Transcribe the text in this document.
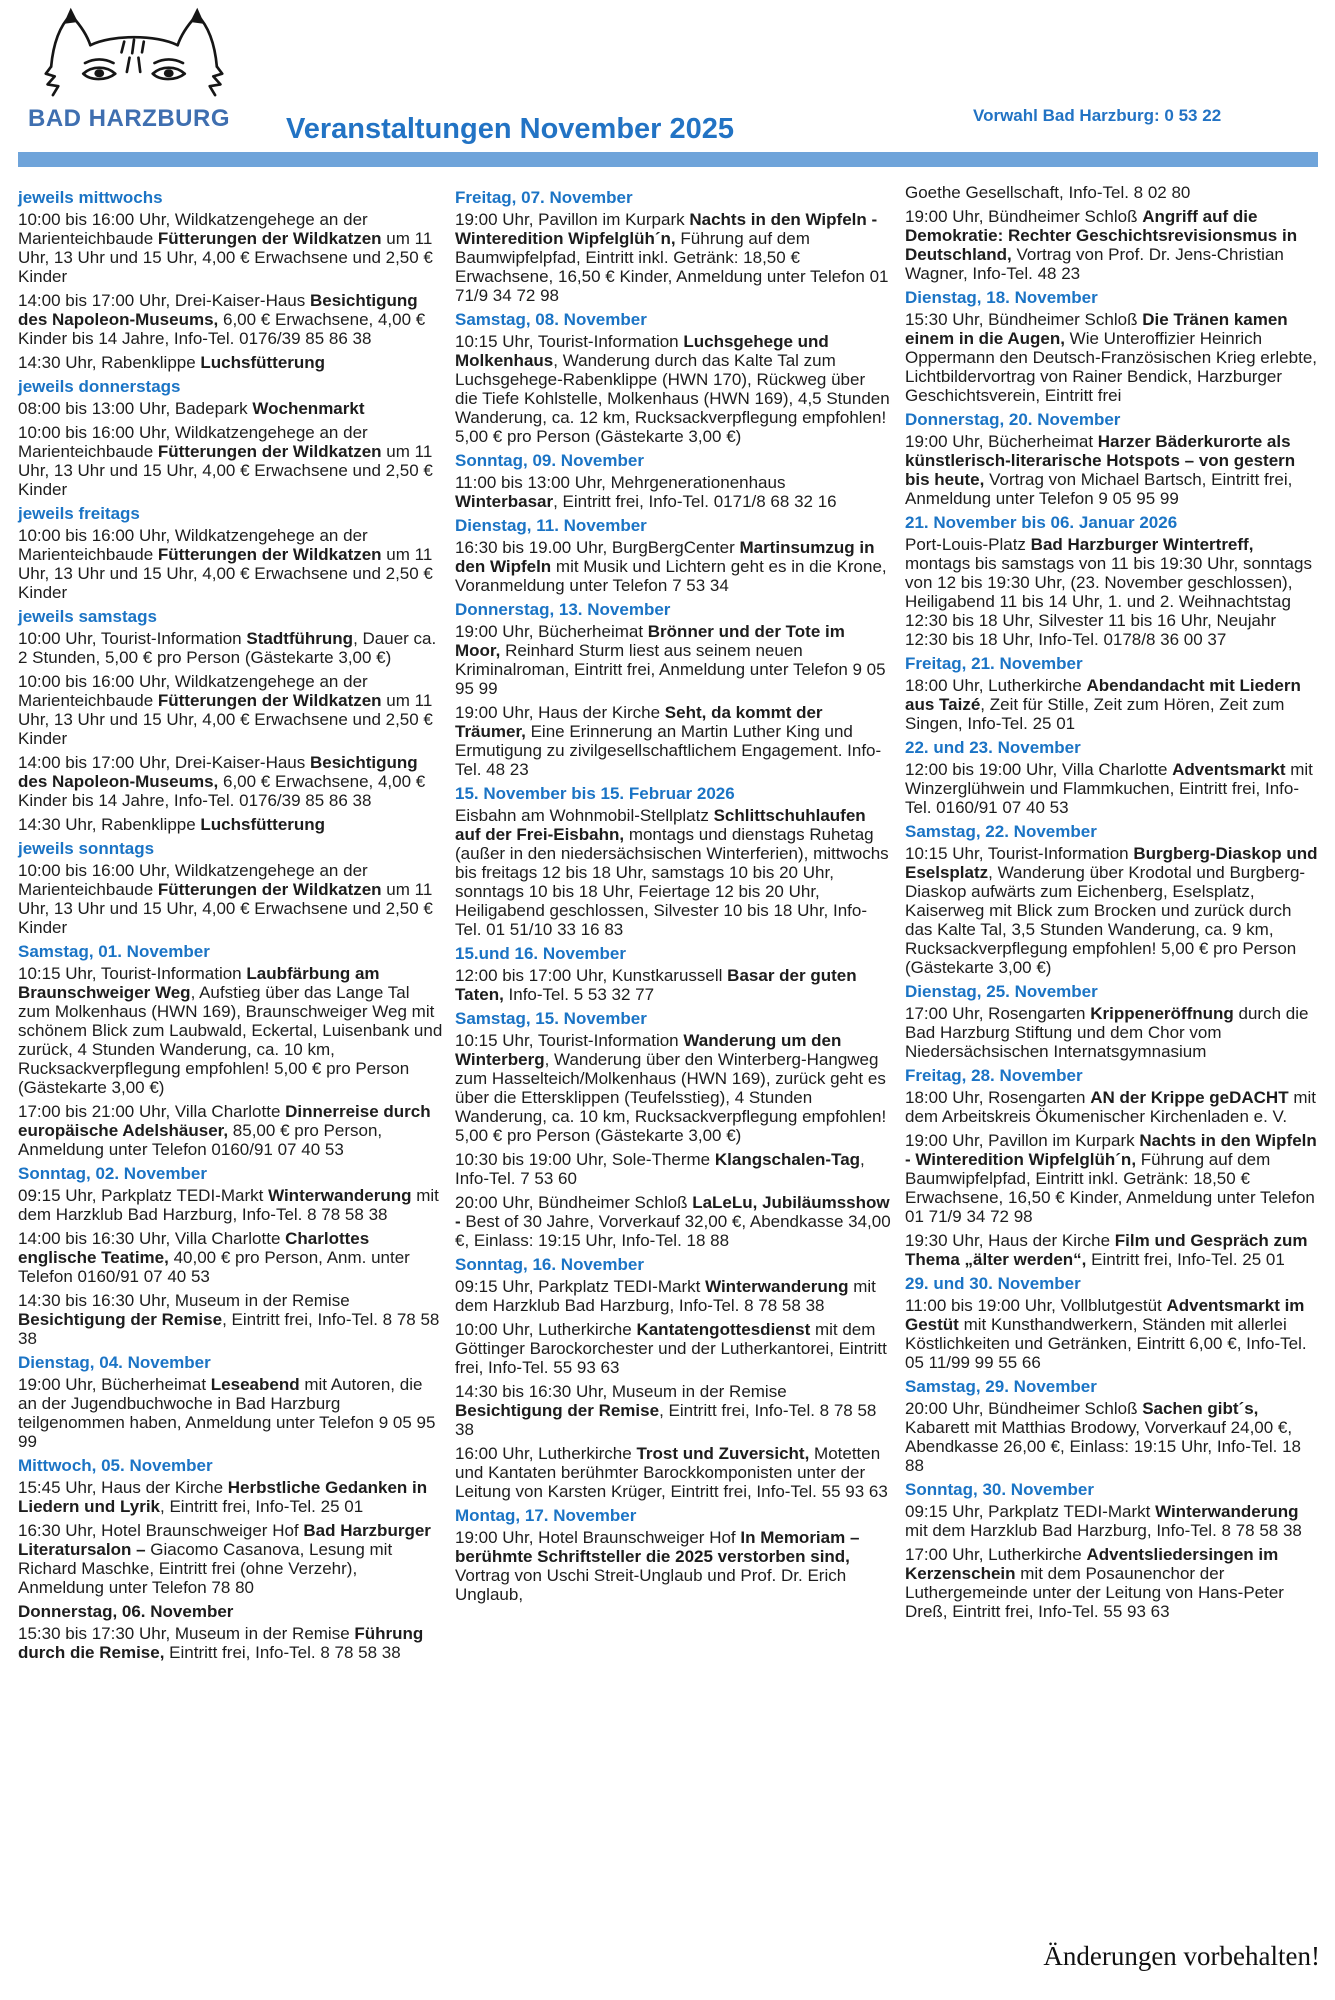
BAD HARZBURG	Veranstaltungen November 2025	Vorwahl Bad Harzburg: 0 53 22
jeweils mittwochs
10:00 bis 16:00 Uhr, Wildkatzengehege an der Marienteichbaude Fütterungen der Wildkatzen um 11 Uhr, 13 Uhr und 15 Uhr, 4,00 € Erwachsene und 2,50 € Kinder
14:00 bis 17:00 Uhr, Drei-Kaiser-Haus Besichtigung des Napoleon-Museums, 6,00 € Erwachsene, 4,00 € Kinder bis 14 Jahre, Info-Tel. 0176/39 85 86 38
14:30 Uhr, Rabenklippe Luchsfütterung
jeweils donnerstags
08:00 bis 13:00 Uhr, Badepark Wochenmarkt
10:00 bis 16:00 Uhr, Wildkatzengehege an der Marienteichbaude Fütterungen der Wildkatzen um 11 Uhr, 13 Uhr und 15 Uhr, 4,00 € Erwachsene und 2,50 € Kinder
jeweils freitags
10:00 bis 16:00 Uhr, Wildkatzengehege an der Marienteichbaude Fütterungen der Wildkatzen um 11 Uhr, 13 Uhr und 15 Uhr, 4,00 € Erwachsene und 2,50 € Kinder
jeweils samstags
10:00 Uhr, Tourist-Information Stadtführung, Dauer ca. 2 Stunden, 5,00 € pro Person (Gästekarte 3,00 €)
10:00 bis 16:00 Uhr, Wildkatzengehege an der Marienteichbaude Fütterungen der Wildkatzen um 11 Uhr, 13 Uhr und 15 Uhr, 4,00 € Erwachsene und 2,50 € Kinder
14:00 bis 17:00 Uhr, Drei-Kaiser-Haus Besichtigung des Napoleon-Museums, 6,00 € Erwachsene, 4,00 € Kinder bis 14 Jahre, Info-Tel. 0176/39 85 86 38
14:30 Uhr, Rabenklippe Luchsfütterung
jeweils sonntags
10:00 bis 16:00 Uhr, Wildkatzengehege an der Marienteichbaude Fütterungen der Wildkatzen um 11 Uhr, 13 Uhr und 15 Uhr, 4,00 € Erwachsene und 2,50 € Kinder
Samstag, 01. November
10:15 Uhr, Tourist-Information Laubfärbung am Braunschweiger Weg, Aufstieg über das Lange Tal zum Molkenhaus (HWN 169), Braunschweiger Weg mit schönem Blick zum Laubwald, Eckertal, Luisenbank und zurück, 4 Stunden Wanderung, ca. 10 km, Rucksackverpflegung empfohlen! 5,00 € pro Person (Gästekarte 3,00 €)
17:00 bis 21:00 Uhr, Villa Charlotte Dinnerreise durch europäische Adelshäuser, 85,00 € pro Person, Anmeldung unter Telefon 0160/91 07 40 53
Sonntag, 02. November
09:15 Uhr, Parkplatz TEDI-Markt Winterwanderung mit dem Harzklub Bad Harzburg, Info-Tel. 8 78 58 38
14:00 bis 16:30 Uhr, Villa Charlotte Charlottes englische Teatime, 40,00 € pro Person, Anm. unter Telefon 0160/91 07 40 53
14:30 bis 16:30 Uhr, Museum in der Remise Besichtigung der Remise, Eintritt frei, Info-Tel. 8 78 58 38
Dienstag, 04. November
19:00 Uhr, Bücherheimat Leseabend mit Autoren, die an der Jugendbuchwoche in Bad Harzburg teilgenommen haben, Anmeldung unter Telefon 9 05 95 99
Mittwoch, 05. November
15:45 Uhr, Haus der Kirche Herbstliche Gedanken in Liedern und Lyrik, Eintritt frei, Info-Tel. 25 01
16:30 Uhr, Hotel Braunschweiger Hof Bad Harzburger Literatursalon – Giacomo Casanova, Lesung mit Richard Maschke, Eintritt frei (ohne Verzehr), Anmeldung unter Telefon 78 80
Donnerstag, 06. November
15:30 bis 17:30 Uhr, Museum in der Remise Führung durch die Remise, Eintritt frei, Info-Tel. 8 78 58 38
Freitag, 07. November
19:00 Uhr, Pavillon im Kurpark Nachts in den Wipfeln - Winteredition Wipfelglüh´n, Führung auf dem Baumwipfelpfad, Eintritt inkl. Getränk: 18,50 € Erwachsene, 16,50 € Kinder, Anmeldung unter Telefon 01 71/9 34 72 98
Samstag, 08. November
10:15 Uhr, Tourist-Information Luchsgehege und Molkenhaus, Wanderung durch das Kalte Tal zum Luchsgehege-Rabenklippe (HWN 170), Rückweg über die Tiefe Kohlstelle, Molkenhaus (HWN 169), 4,5 Stunden Wanderung, ca. 12 km, Rucksackverpflegung empfohlen! 5,00 € pro Person (Gästekarte 3,00 €)
Sonntag, 09. November
11:00 bis 13:00 Uhr, Mehrgenerationenhaus Winterbasar, Eintritt frei, Info-Tel. 0171/8 68 32 16
Dienstag, 11. November
16:30 bis 19.00 Uhr, BurgBergCenter Martinsumzug in den Wipfeln mit Musik und Lichtern geht es in die Krone, Voranmeldung unter Telefon 7 53 34
Donnerstag, 13. November
19:00 Uhr, Bücherheimat Brönner und der Tote im Moor, Reinhard Sturm liest aus seinem neuen Kriminalroman, Eintritt frei, Anmeldung unter Telefon 9 05 95 99
19:00 Uhr, Haus der Kirche Seht, da kommt der Träumer, Eine Erinnerung an Martin Luther King und Ermutigung zu zivilgesellschaftlichem Engagement. Info-Tel. 48 23
15. November bis 15. Februar 2026
Eisbahn am Wohnmobil-Stellplatz Schlittschuhlaufen auf der Frei-Eisbahn, montags und dienstags Ruhetag (außer in den niedersächsischen Winterferien), mittwochs bis freitags 12 bis 18 Uhr, samstags 10 bis 20 Uhr, sonntags 10 bis 18 Uhr, Feiertage 12 bis 20 Uhr, Heiligabend geschlossen, Silvester 10 bis 18 Uhr, Info-Tel. 01 51/10 33 16 83
15.und 16. November
12:00 bis 17:00 Uhr, Kunstkarussell Basar der guten Taten, Info-Tel. 5 53 32 77
Samstag, 15. November
10:15 Uhr, Tourist-Information Wanderung um den Winterberg, Wanderung über den Winterberg-Hangweg zum Hasselteich/Molkenhaus (HWN 169), zurück geht es über die Ettersklippen (Teufelsstieg), 4 Stunden Wanderung, ca. 10 km, Rucksackverpflegung empfohlen! 5,00 € pro Person (Gästekarte 3,00 €)
10:30 bis 19:00 Uhr, Sole-Therme Klangschalen-Tag, Info-Tel. 7 53 60
20:00 Uhr, Bündheimer Schloß LaLeLu, Jubiläumsshow - Best of 30 Jahre, Vorverkauf 32,00 €, Abendkasse 34,00 €, Einlass: 19:15 Uhr, Info-Tel. 18 88
Sonntag, 16. November
09:15 Uhr, Parkplatz TEDI-Markt Winterwanderung mit dem Harzklub Bad Harzburg, Info-Tel. 8 78 58 38
10:00 Uhr, Lutherkirche Kantatengottesdienst mit dem Göttinger Barockorchester und der Lutherkantorei, Eintritt frei, Info-Tel. 55 93 63
14:30 bis 16:30 Uhr, Museum in der Remise Besichtigung der Remise, Eintritt frei, Info-Tel. 8 78 58 38
16:00 Uhr, Lutherkirche Trost und Zuversicht, Motetten und Kantaten berühmter Barockkomponisten unter der Leitung von Karsten Krüger, Eintritt frei, Info-Tel. 55 93 63
Montag, 17. November
19:00 Uhr, Hotel Braunschweiger Hof In Memoriam – berühmte Schriftsteller die 2025 verstorben sind, Vortrag von Uschi Streit-Unglaub und Prof. Dr. Erich Unglaub,
Goethe Gesellschaft, Info-Tel. 8 02 80
19:00 Uhr, Bündheimer Schloß Angriff auf die Demokratie: Rechter Geschichtsrevisionsmus in Deutschland, Vortrag von Prof. Dr. Jens-Christian Wagner, Info-Tel. 48 23
Dienstag, 18. November
15:30 Uhr, Bündheimer Schloß Die Tränen kamen einem in die Augen, Wie Unteroffizier Heinrich Oppermann den Deutsch-Französischen Krieg erlebte, Lichtbildervortrag von Rainer Bendick, Harzburger Geschichtsverein, Eintritt frei
Donnerstag, 20. November
19:00 Uhr, Bücherheimat Harzer Bäderkurorte als künstlerisch-literarische Hotspots – von gestern bis heute, Vortrag von Michael Bartsch, Eintritt frei, Anmeldung unter Telefon 9 05 95 99
21. November bis 06. Januar 2026
Port-Louis-Platz Bad Harzburger Wintertreff, montags bis samstags von 11 bis 19:30 Uhr, sonntags von 12 bis 19:30 Uhr, (23. November geschlossen), Heiligabend 11 bis 14 Uhr, 1. und 2. Weihnachtstag 12:30 bis 18 Uhr, Silvester 11 bis 16 Uhr, Neujahr 12:30 bis 18 Uhr, Info-Tel. 0178/8 36 00 37
Freitag, 21. November
18:00 Uhr, Lutherkirche Abendandacht mit Liedern aus Taizé, Zeit für Stille, Zeit zum Hören, Zeit zum Singen, Info-Tel. 25 01
22. und 23. November
12:00 bis 19:00 Uhr, Villa Charlotte Adventsmarkt mit Winzerglühwein und Flammkuchen, Eintritt frei, Info-Tel. 0160/91 07 40 53
Samstag, 22. November
10:15 Uhr, Tourist-Information Burgberg-Diaskop und Eselsplatz, Wanderung über Krodotal und Burgberg-Diaskop aufwärts zum Eichenberg, Eselsplatz, Kaiserweg mit Blick zum Brocken und zurück durch das Kalte Tal, 3,5 Stunden Wanderung, ca. 9 km, Rucksackverpflegung empfohlen! 5,00 € pro Person (Gästekarte 3,00 €)
Dienstag, 25. November
17:00 Uhr, Rosengarten Krippeneröffnung durch die Bad Harzburg Stiftung und dem Chor vom Niedersächsischen Internatsgymnasium
Freitag, 28. November
18:00 Uhr, Rosengarten AN der Krippe geDACHT mit dem Arbeitskreis Ökumenischer Kirchenladen e. V.
19:00 Uhr, Pavillon im Kurpark Nachts in den Wipfeln - Winteredition Wipfelglüh´n, Führung auf dem Baumwipfelpfad, Eintritt inkl. Getränk: 18,50 € Erwachsene, 16,50 € Kinder, Anmeldung unter Telefon 01 71/9 34 72 98
19:30 Uhr, Haus der Kirche Film und Gespräch zum Thema „älter werden“, Eintritt frei, Info-Tel. 25 01
29. und 30. November
11:00 bis 19:00 Uhr, Vollblutgestüt Adventsmarkt im Gestüt mit Kunsthandwerkern, Ständen mit allerlei Köstlichkeiten und Getränken, Eintritt 6,00 €, Info-Tel. 05 11/99 99 55 66
Samstag, 29. November
20:00 Uhr, Bündheimer Schloß Sachen gibt´s, Kabarett mit Matthias Brodowy, Vorverkauf 24,00 €, Abendkasse 26,00 €, Einlass: 19:15 Uhr, Info-Tel. 18 88
Sonntag, 30. November
09:15 Uhr, Parkplatz TEDI-Markt Winterwanderung mit dem Harzklub Bad Harzburg, Info-Tel. 8 78 58 38
17:00 Uhr, Lutherkirche Adventsliedersingen im Kerzenschein mit dem Posaunenchor der Luthergemeinde unter der Leitung von Hans-Peter Dreß, Eintritt frei, Info-Tel. 55 93 63
Änderungen vorbehalten!
